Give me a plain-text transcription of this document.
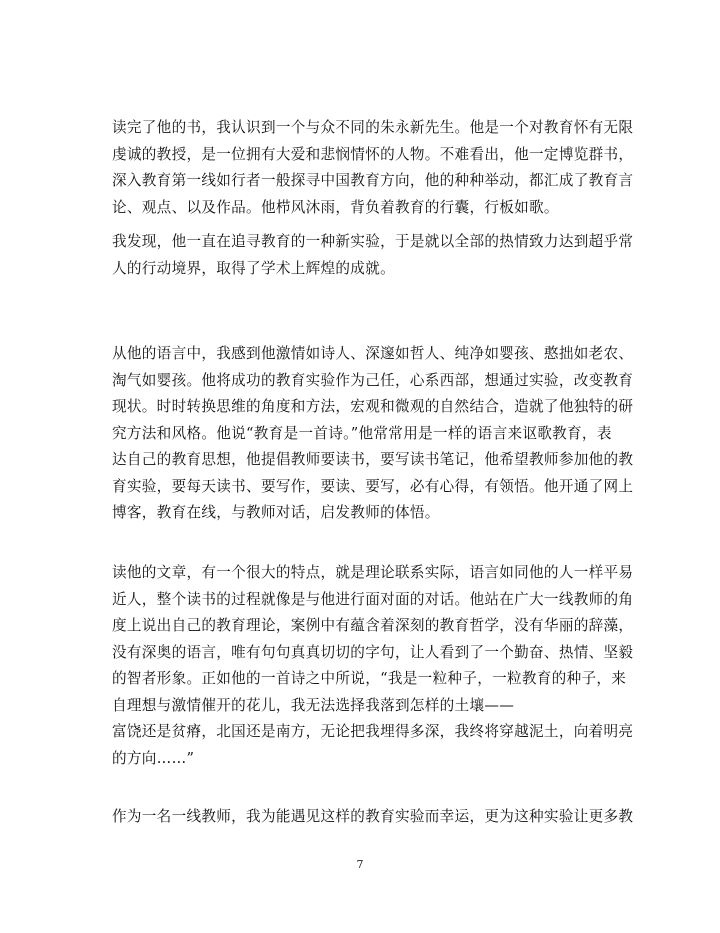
读完了他的书，我认识到一个与众不同的朱永新先生。他是一个对教育怀有无限
虔诚的教授，是一位拥有大爱和悲悯情怀的人物。不难看出，他一定博览群书，
深入教育第一线如行者一般探寻中国教育方向，他的种种举动，都汇成了教育言
论、观点、以及作品。他栉风沐雨，背负着教育的行囊，行板如歌。

我发现，他一直在追寻教育的一种新实验，于是就以全部的热情致力达到超乎常
人的行动境界，取得了学术上辉煌的成就。

从他的语言中，我感到他激情如诗人、深邃如哲人、纯净如婴孩、憨拙如老农、
淘气如婴孩。他将成功的教育实验作为己任，心系西部，想通过实验，改变教育
现状。时时转换思维的角度和方法，宏观和微观的自然结合，造就了他独特的研
究方法和风格。他说“教育是一首诗。”他常常用是一样的语言来讴歌教育，表
达自己的教育思想，他提倡教师要读书，要写读书笔记，他希望教师参加他的教
育实验，要每天读书、要写作，要读、要写，必有心得，有领悟。他开通了网上
博客，教育在线，与教师对话，启发教师的体悟。

读他的文章，有一个很大的特点，就是理论联系实际，语言如同他的人一样平易
近人，整个读书的过程就像是与他进行面对面的对话。他站在广大一线教师的角
度上说出自己的教育理论，案例中有蕴含着深刻的教育哲学，没有华丽的辞藻，
没有深奥的语言，唯有句句真真切切的字句，让人看到了一个勤奋、热情、坚毅
的智者形象。正如他的一首诗之中所说，“我是一粒种子，一粒教育的种子，来
自理想与激情催开的花儿，我无法选择我落到怎样的土壤——
富饶还是贫瘠，北国还是南方，无论把我埋得多深，我终将穿越泥土，向着明亮
的方向……”

作为一名一线教师，我为能遇见这样的教育实验而幸运，更为这种实验让更多教

7
